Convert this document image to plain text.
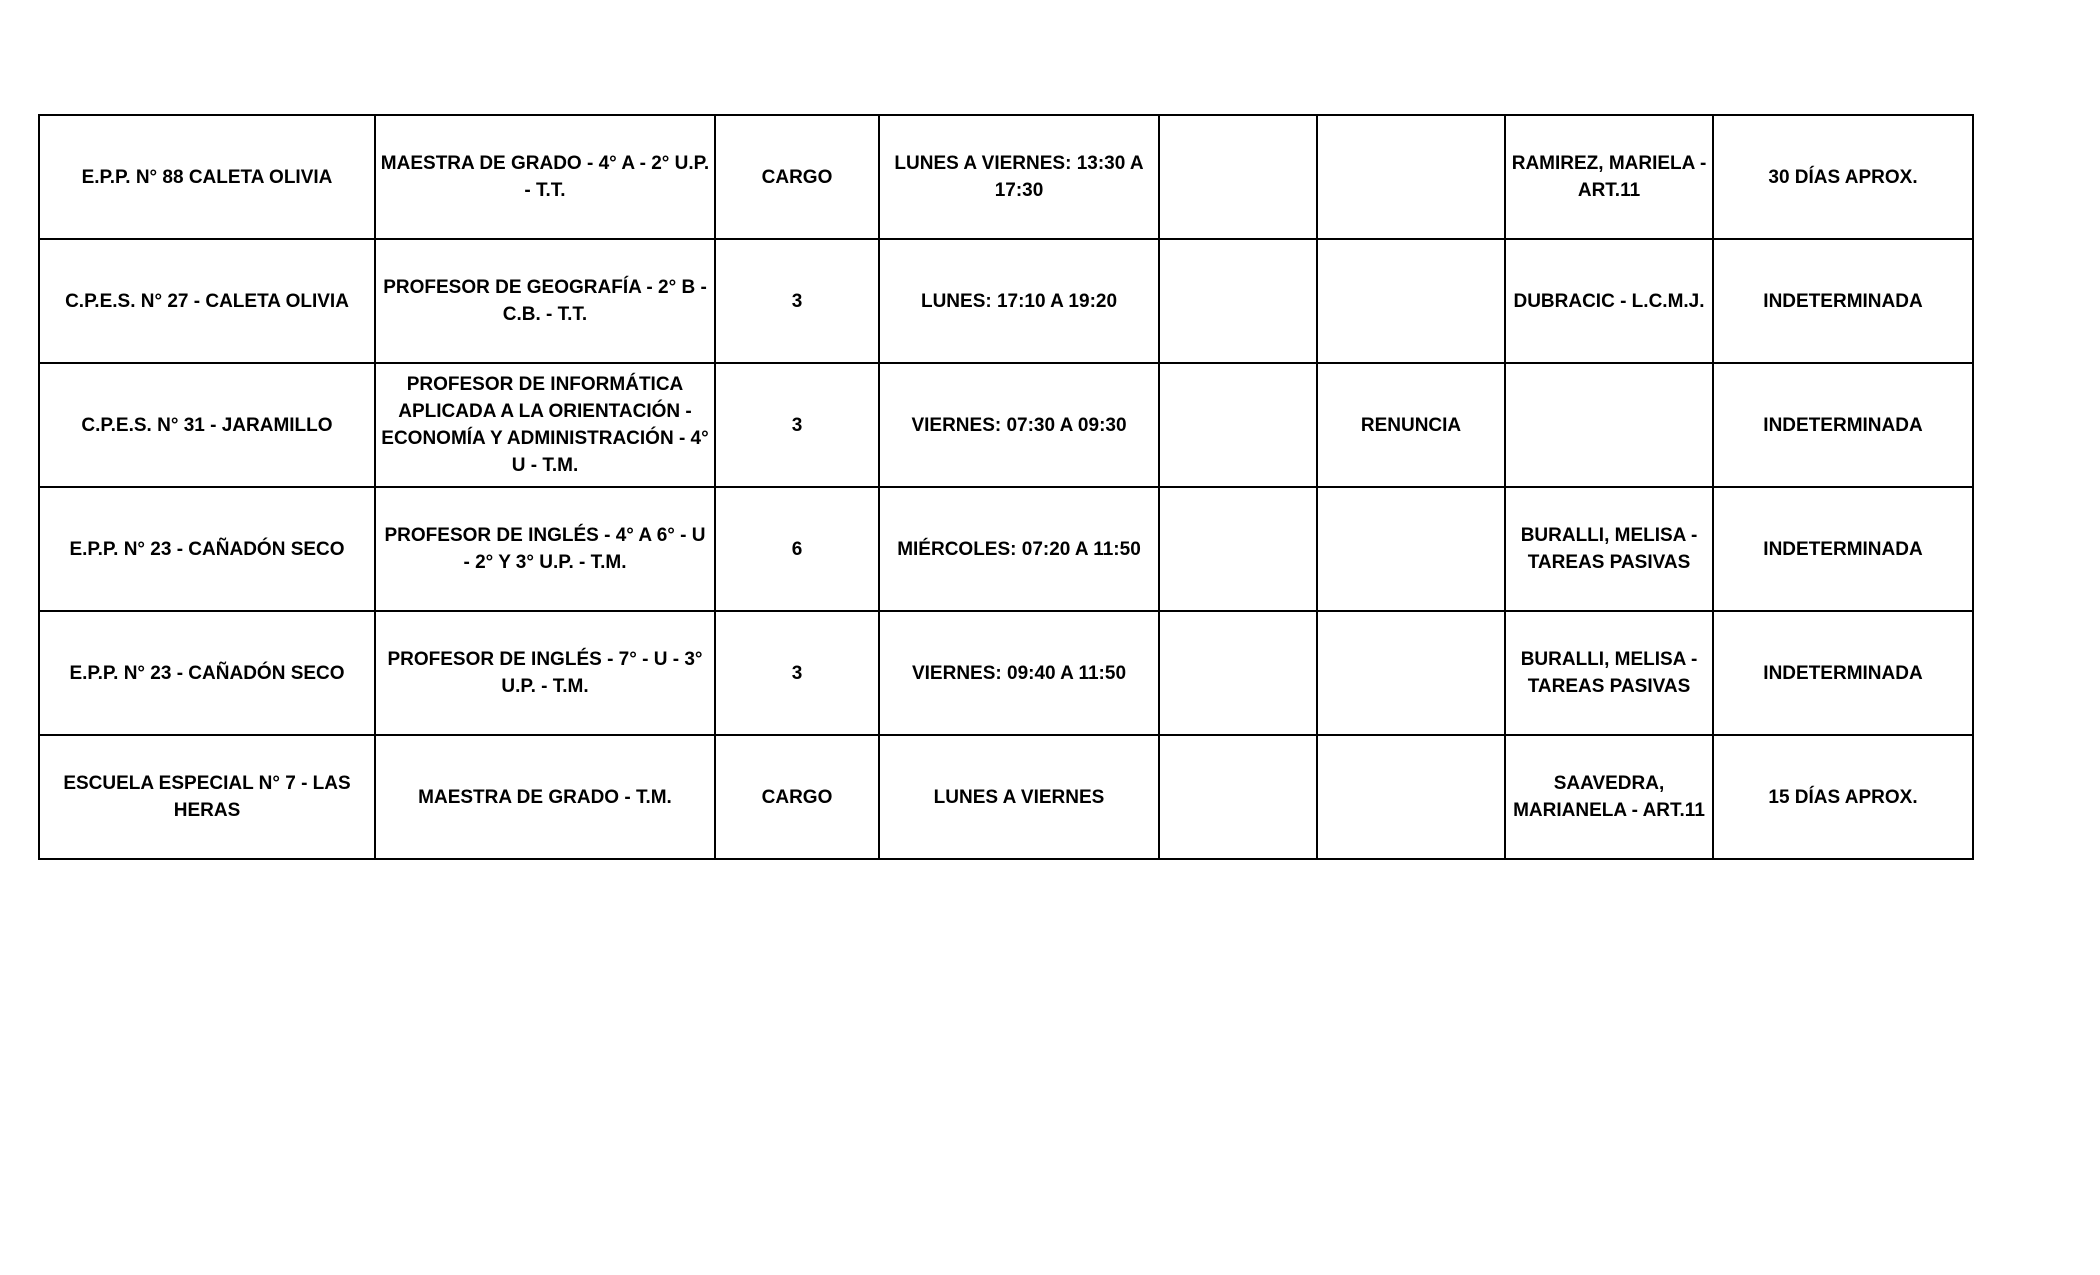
E.P.P. N° 88 CALETA OLIVIA	MAESTRA DE GRADO - 4° A - 2° U.P. - T.T.	CARGO	LUNES A VIERNES: 13:30 A 17:30			RAMIREZ, MARIELA - ART.11	30 DÍAS APROX.
C.P.E.S. N° 27 - CALETA OLIVIA	PROFESOR DE GEOGRAFÍA - 2° B - C.B. - T.T.	3	LUNES: 17:10 A 19:20			DUBRACIC - L.C.M.J.	INDETERMINADA
C.P.E.S. N° 31 - JARAMILLO	PROFESOR DE INFORMÁTICA APLICADA A LA ORIENTACIÓN - ECONOMÍA Y ADMINISTRACIÓN - 4° U - T.M.	3	VIERNES: 07:30 A 09:30		RENUNCIA		INDETERMINADA
E.P.P. N° 23 - CAÑADÓN SECO	PROFESOR DE INGLÉS - 4° A 6° - U - 2° Y 3° U.P. - T.M.	6	MIÉRCOLES: 07:20 A 11:50			BURALLI, MELISA - TAREAS PASIVAS	INDETERMINADA
E.P.P. N° 23 - CAÑADÓN SECO	PROFESOR DE INGLÉS - 7° - U - 3° U.P. - T.M.	3	VIERNES: 09:40 A 11:50			BURALLI, MELISA - TAREAS PASIVAS	INDETERMINADA
ESCUELA ESPECIAL N° 7 - LAS HERAS	MAESTRA DE GRADO - T.M.	CARGO	LUNES A VIERNES			SAAVEDRA, MARIANELA - ART.11	15 DÍAS APROX.
